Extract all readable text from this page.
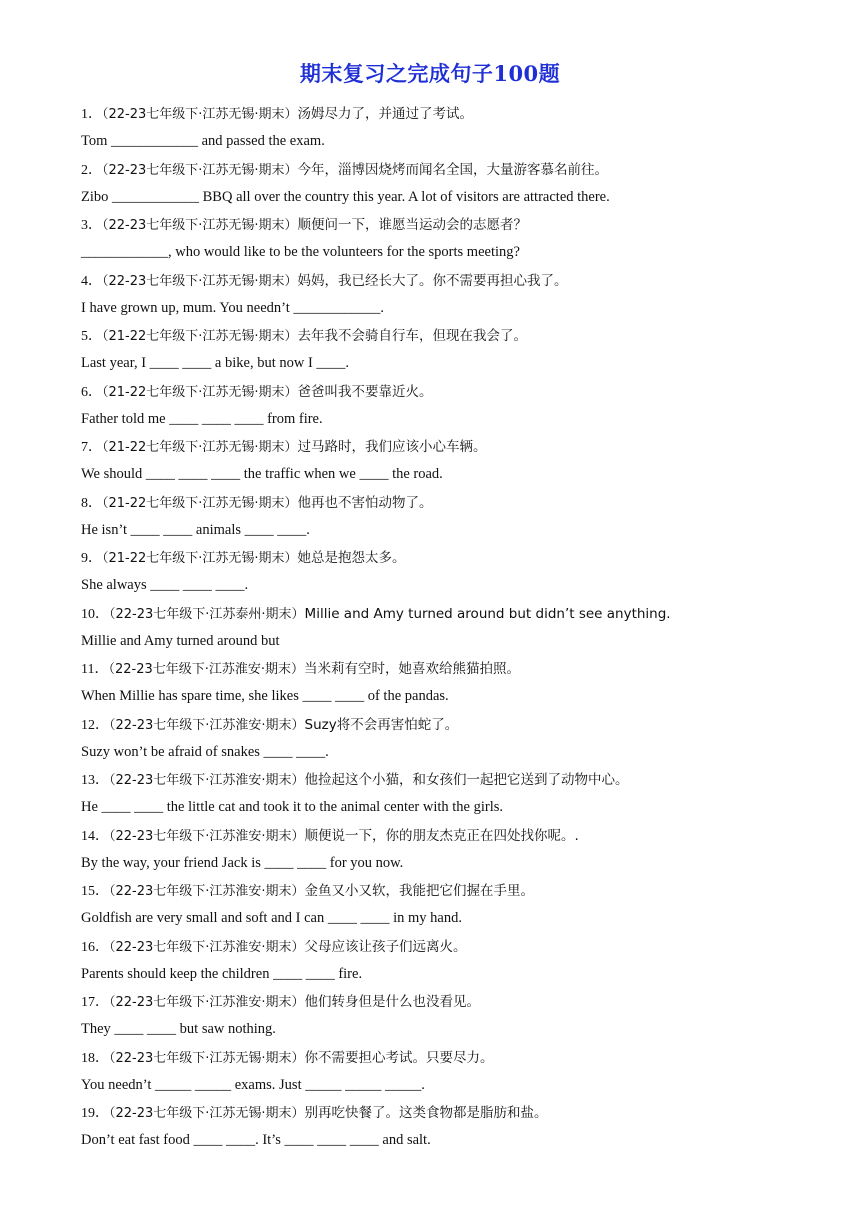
期末复习之完成句子100题
1．（22-23七年级下·江苏无锡·期末）汤姆尽力了，并通过了考试。
Tom ____________ and passed the exam.
2．（22-23七年级下·江苏无锡·期末）今年，淄博因烧烤而闻名全国，大量游客慕名前往。
Zibo ____________ BBQ all over the country this year. A lot of visitors are attracted there.
3．（22-23七年级下·江苏无锡·期末）顺便问一下，谁愿当运动会的志愿者？
____________, who would like to be the volunteers for the sports meeting?
4．（22-23七年级下·江苏无锡·期末）妈妈，我已经长大了。你不需要再担心我了。
I have grown up, mum. You needn’t ____________.
5．（21-22七年级下·江苏无锡·期末）去年我不会骑自行车，但现在我会了。
Last year, I ____ ____ a bike, but now I ____.
6．（21-22七年级下·江苏无锡·期末）爸爸叫我不要靠近火。
Father told me ____ ____ ____ from fire.
7．（21-22七年级下·江苏无锡·期末）过马路时，我们应该小心车辆。
We should ____ ____ ____ the traffic when we ____ the road.
8．（21-22七年级下·江苏无锡·期末）他再也不害怕动物了。
He isn’t ____ ____ animals ____ ____.
9．（21-22七年级下·江苏无锡·期末）她总是抱怨太多。
She always ____ ____ ____.
10．（22-23七年级下·江苏泰州·期末）Millie and Amy turned around but didn’t see anything.
Millie and Amy turned around but
11．（22-23七年级下·江苏淮安·期末）当米莉有空时，她喜欢给熊猫拍照。
When Millie has spare time, she likes ____ ____ of the pandas.
12．（22-23七年级下·江苏淮安·期末）Suzy将不会再害怕蛇了。
Suzy won’t be afraid of snakes ____ ____.
13．（22-23七年级下·江苏淮安·期末）他捡起这个小猫，和女孩们一起把它送到了动物中心。
He ____ ____ the little cat and took it to the animal center with the girls.
14．（22-23七年级下·江苏淮安·期末）顺便说一下，你的朋友杰克正在四处找你呢。.
By the way, your friend Jack is ____ ____ for you now.
15．（22-23七年级下·江苏淮安·期末）金鱼又小又软，我能把它们握在手里。
Goldfish are very small and soft and I can ____ ____ in my hand.
16．（22-23七年级下·江苏淮安·期末）父母应该让孩子们远离火。
Parents should keep the children ____ ____ fire.
17．（22-23七年级下·江苏淮安·期末）他们转身但是什么也没看见。
They ____ ____ but saw nothing.
18．（22-23七年级下·江苏无锡·期末）你不需要担心考试。只要尽力。
You needn’t _____ _____ exams. Just _____ _____ _____.
19．（22-23七年级下·江苏无锡·期末）别再吃快餐了。这类食物都是脂肪和盐。
Don’t eat fast food ____ ____. It’s ____ ____ ____ and salt.
